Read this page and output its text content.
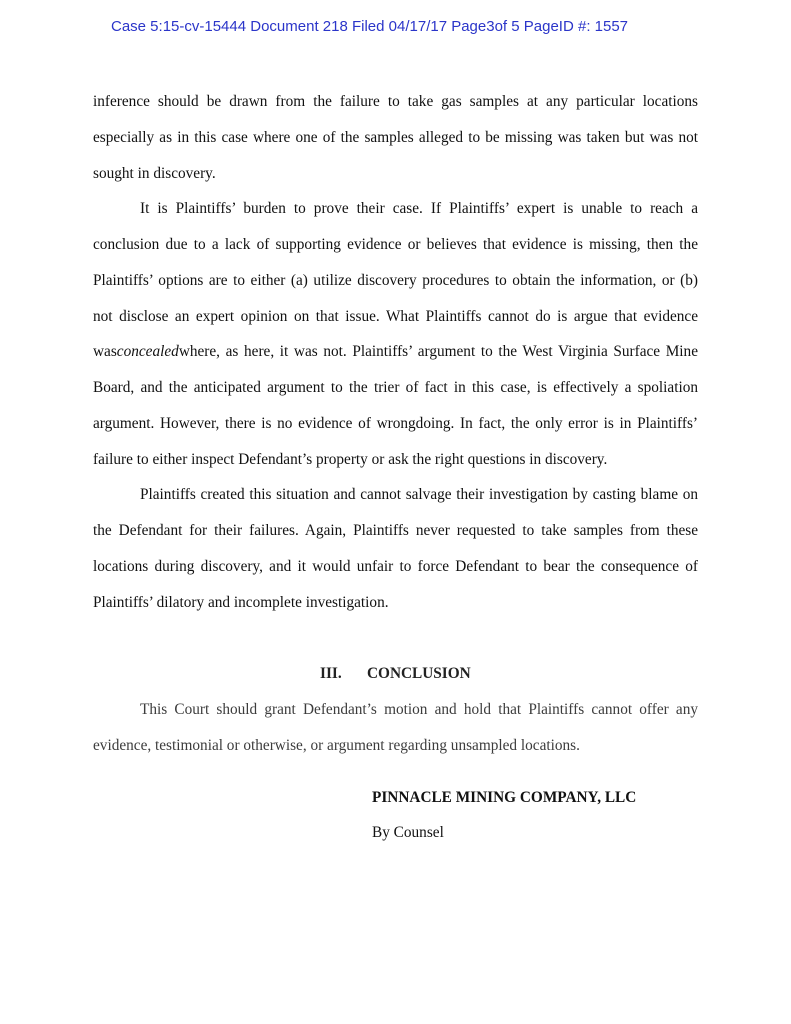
Case 5:15-cv-15444 Document 218 Filed 04/17/17 Page3of 5 PageID #: 1557
inference should be drawn from the failure to take gas samples at any particular locations
especially as in this case where one of the samples alleged to be missing was taken but was not
sought in discovery.
It is Plaintiffs’ burden to prove their case. If Plaintiffs’ expert is unable to reach a
conclusion due to a lack of supporting evidence or believes that evidence is missing, then the
Plaintiffs’ options are to either (a) utilize discovery procedures to obtain the information, or (b)
not disclose an expert opinion on that issue. What Plaintiffs cannot do is argue that evidence
wasconcealedwhere, as here, it was not. Plaintiffs’ argument to the West Virginia Surface Mine
Board, and the anticipated argument to the trier of fact in this case, is effectively a spoliation
argument. However, there is no evidence of wrongdoing. In fact, the only error is in Plaintiffs’
failure to either inspect Defendant’s property or ask the right questions in discovery.
Plaintiffs created this situation and cannot salvage their investigation by casting blame on
the Defendant for their failures. Again, Plaintiffs never requested to take samples from these
locations during discovery, and it would unfair to force Defendant to bear the consequence of
Plaintiffs’ dilatory and incomplete investigation.
III. CONCLUSION
This Court should grant Defendant’s motion and hold that Plaintiffs cannot offer any
evidence, testimonial or otherwise, or argument regarding unsampled locations.
PINNACLE MINING COMPANY, LLC
By Counsel
